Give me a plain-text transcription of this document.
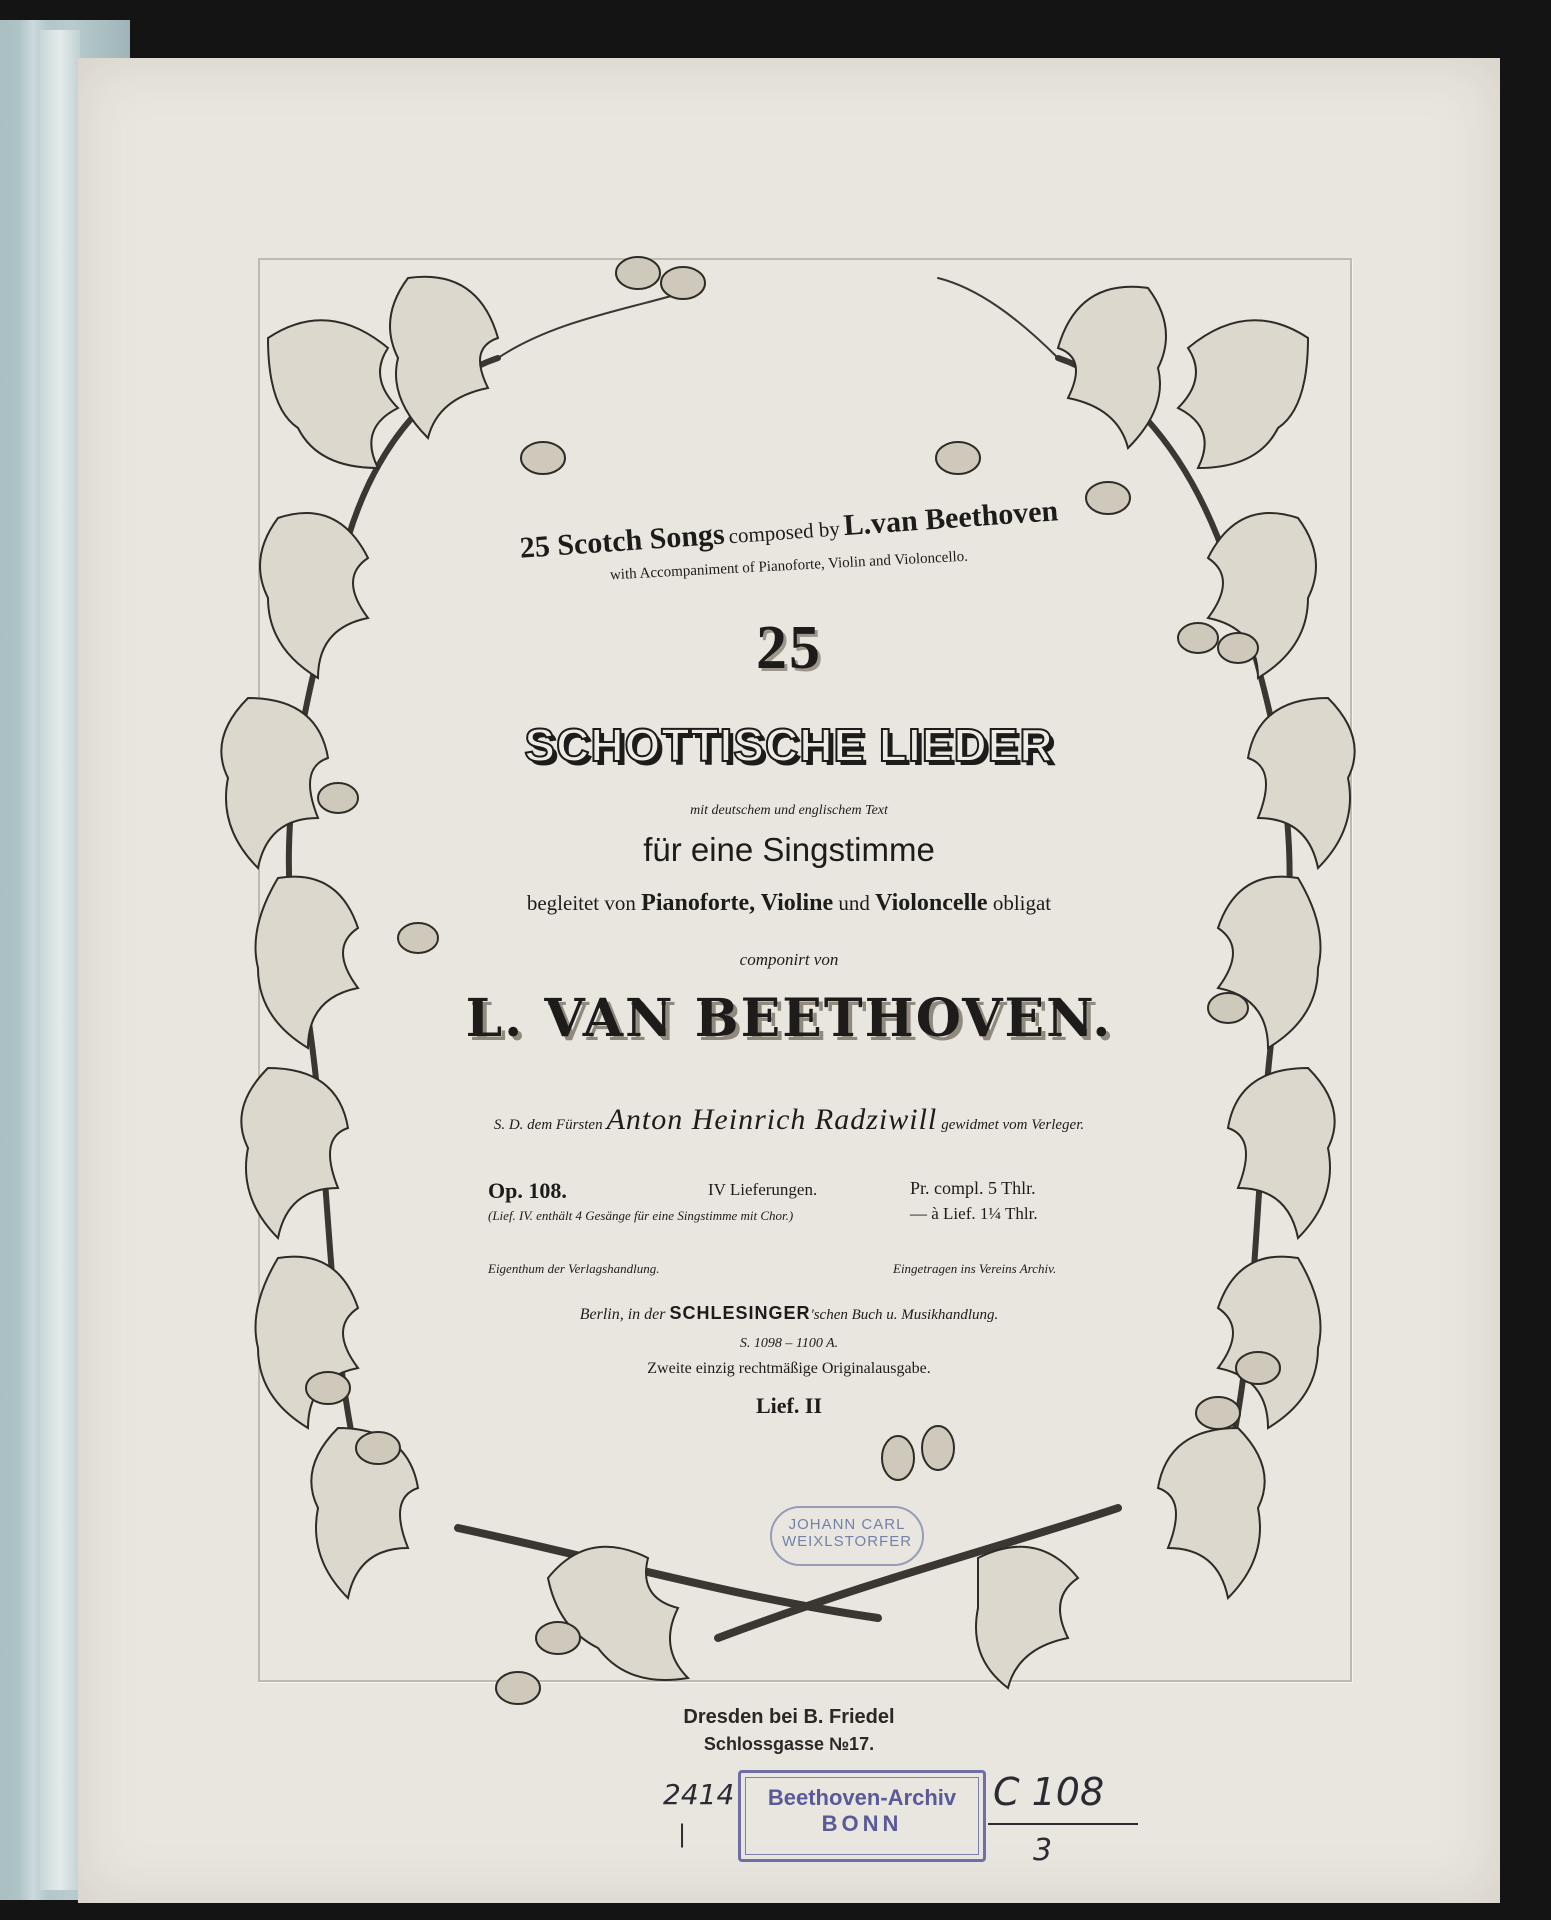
25 Scotch Songs composed by L.van Beethoven
with Accompaniment of Pianoforte, Violin and Violoncello.
25
SCHOTTISCHE LIEDER
mit deutschem und englischem Text
für eine Singstimme
begleitet von Pianoforte, Violine und Violoncelle obligat
componirt von
L. VAN BEETHOVEN.
S. D. dem Fürsten Anton Heinrich Radziwill gewidmet vom Verleger.
Op. 108.	IV Lieferungen.	Pr. compl. 5 Thlr.
— à Lief. 1¼ Thlr.
(Lief. IV. enthält 4 Gesänge für eine Singstimme mit Chor.)
Eigenthum der Verlagshandlung.	Eingetragen ins Vereins Archiv.
Berlin, in der SCHLESINGER'schen Buch u. Musikhandlung.
S. 1098 – 1100 A.
Zweite einzig rechtmäßige Originalausgabe.
Lief. II
JOHANN CARL
WEIXLSTORFER
Dresden bei B. Friedel
Schlossgasse №17.
Beethoven-Archiv
BONN
2414
|
C 108
3
